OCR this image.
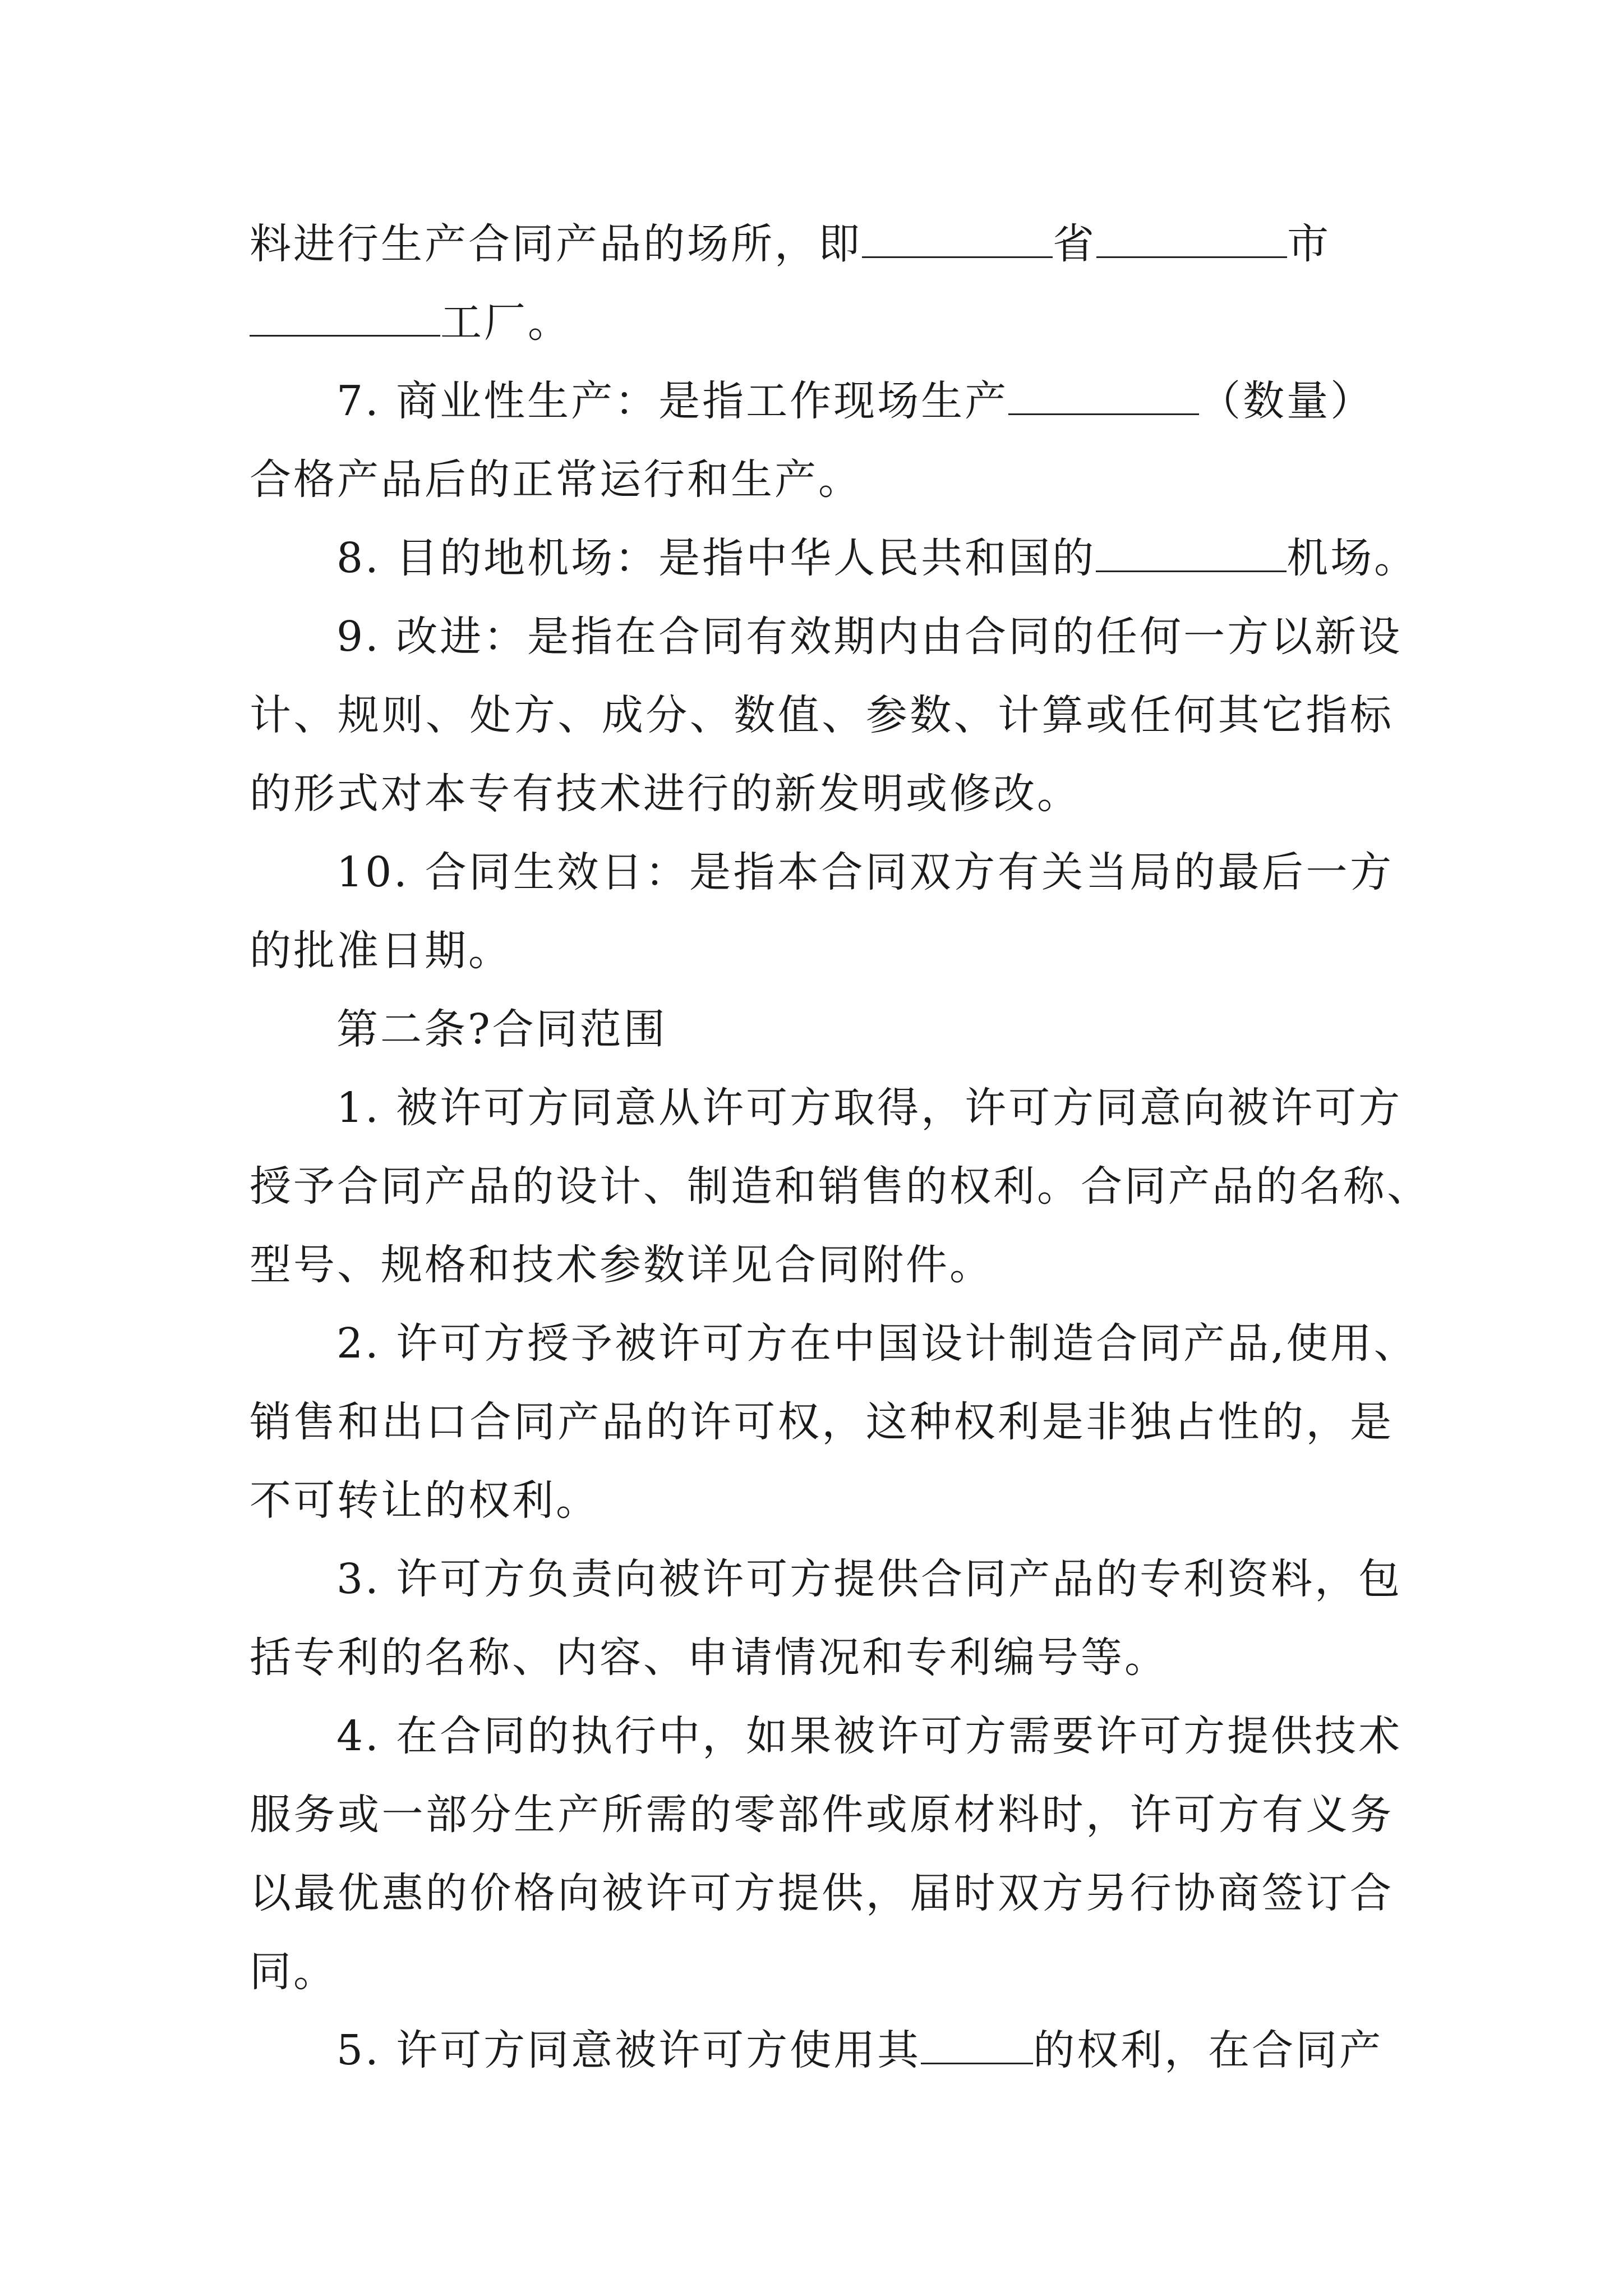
料进行生产合同产品的场所，即	省	市
工厂。
7. 商业性生产：是指工作现场生产	（数量）
合格产品后的正常运行和生产。
8. 目的地机场：是指中华人民共和国的	机场。
9. 改进：是指在合同有效期内由合同的任何一方以新设
计、规则、处方、成分、数值、参数、计算或任何其它指标
的形式对本专有技术进行的新发明或修改。
10. 合同生效日：是指本合同双方有关当局的最后一方
的批准日期。
第二条?合同范围
1. 被许可方同意从许可方取得，许可方同意向被许可方
授予合同产品的设计、制造和销售的权利。合同产品的名称、
型号、规格和技术参数详见合同附件。
2. 许可方授予被许可方在中国设计制造合同产品,使用、
销售和出口合同产品的许可权，这种权利是非独占性的，是
不可转让的权利。
3. 许可方负责向被许可方提供合同产品的专利资料，包
括专利的名称、内容、申请情况和专利编号等。
4. 在合同的执行中，如果被许可方需要许可方提供技术
服务或一部分生产所需的零部件或原材料时，许可方有义务
以最优惠的价格向被许可方提供，届时双方另行协商签订合
同。
5. 许可方同意被许可方使用其	的权利，在合同产
